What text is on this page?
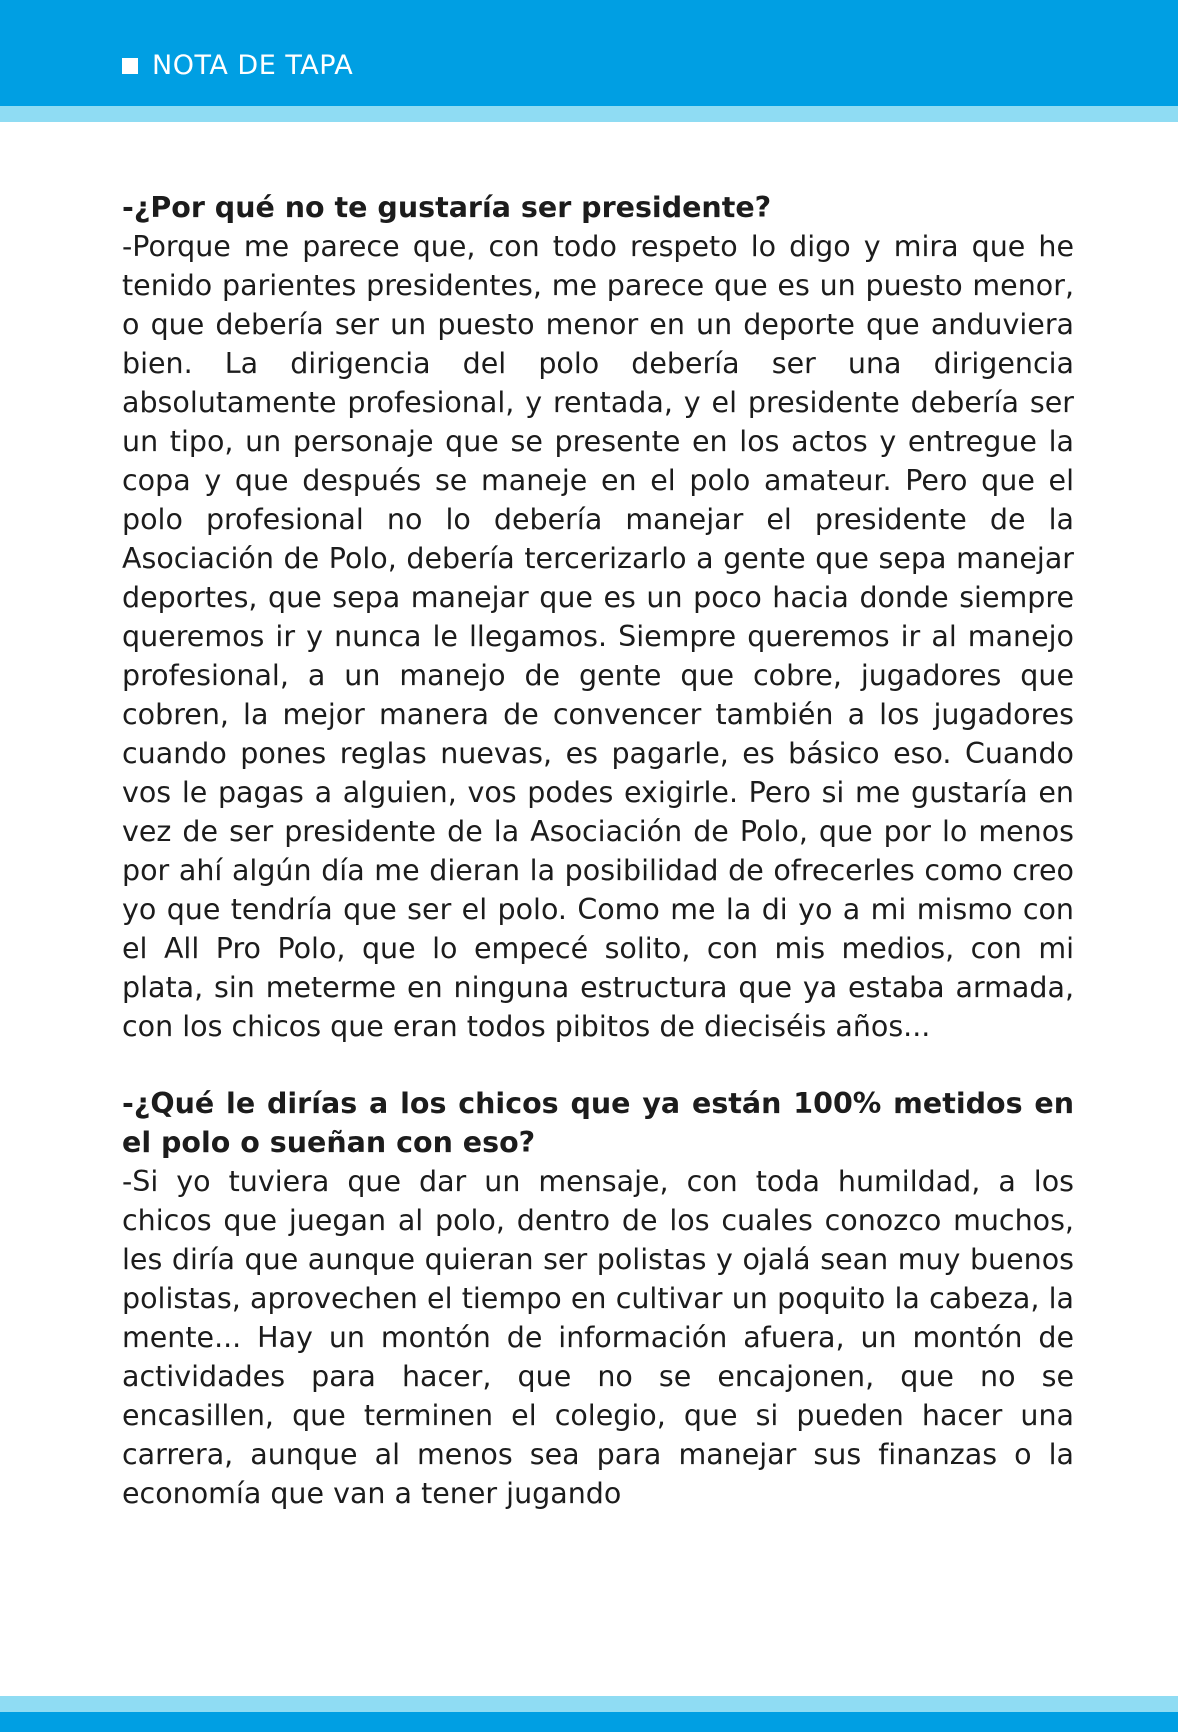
NOTA DE TAPA

-¿Por qué no te gustaría ser presidente?

-Porque me parece que, con todo respeto lo digo y mira que he tenido parientes presidentes, me parece que es un puesto menor, o que debería ser un puesto menor en un deporte que anduviera bien. La dirigencia del polo debería ser una dirigencia absolutamente profesional, y rentada, y el presidente debería ser un tipo, un personaje que se presente en los actos y entregue la copa y que después se maneje en el polo amateur. Pero que el polo profesional no lo debería manejar el presidente de la Asociación de Polo, debería tercerizarlo a gente que sepa manejar deportes, que sepa manejar que es un poco hacia donde siempre queremos ir y nunca le llegamos. Siempre queremos ir al manejo profesional, a un manejo de gente que cobre, jugadores que cobren, la mejor manera de convencer también a los jugadores cuando pones reglas nuevas, es pagarle, es básico eso. Cuando vos le pagas a alguien, vos podes exigirle. Pero si me gustaría en vez de ser presidente de la Asociación de Polo, que por lo menos por ahí algún día me dieran la posibilidad de ofrecerles como creo yo que tendría que ser el polo. Como me la di yo a mi mismo con el All Pro Polo, que lo empecé solito, con mis medios, con mi plata, sin meterme en ninguna estructura que ya estaba armada, con los chicos que eran todos pibitos de dieciséis años...

-¿Qué le dirías a los chicos que ya están 100% metidos en el polo o sueñan con eso?

-Si yo tuviera que dar un mensaje, con toda humildad, a los chicos que juegan al polo, dentro de los cuales conozco muchos, les diría que aunque quieran ser polistas y ojalá sean muy buenos polistas, aprovechen el tiempo en cultivar un poquito la cabeza, la mente... Hay un montón de información afuera, un montón de actividades para hacer, que no se encajonen, que no se encasillen, que terminen el colegio, que si pueden hacer una carrera, aunque al menos sea para manejar sus finanzas o la economía que van a tener jugando
